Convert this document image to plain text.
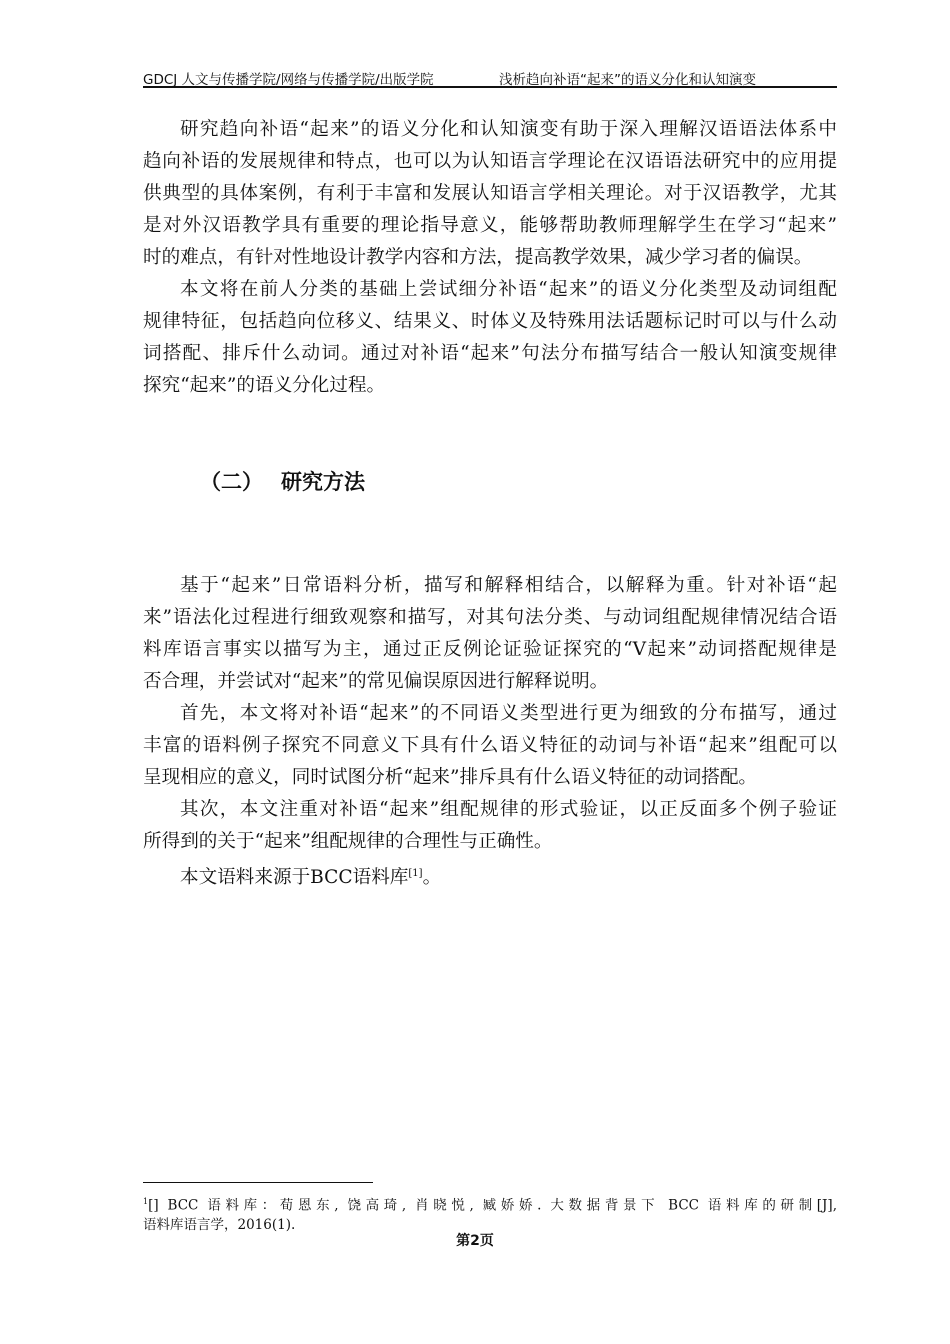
GDCJ 人文与传播学院/网络与传播学院/出版学院	浅析趋向补语“起来”的语义分化和认知演变
研究趋向补语“起来”的语义分化和认知演变有助于深入理解汉语语法体系中
趋向补语的发展规律和特点，也可以为认知语言学理论在汉语语法研究中的应用提
供典型的具体案例，有利于丰富和发展认知语言学相关理论。对于汉语教学，尤其
是对外汉语教学具有重要的理论指导意义，能够帮助教师理解学生在学习“起来”
时的难点，有针对性地设计教学内容和方法，提高教学效果，减少学习者的偏误。
本文将在前人分类的基础上尝试细分补语“起来”的语义分化类型及动词组配
规律特征，包括趋向位移义、结果义、时体义及特殊用法话题标记时可以与什么动
词搭配、排斥什么动词。通过对补语“起来”句法分布描写结合一般认知演变规律
探究“起来”的语义分化过程。
（二） 研究方法
基于“起来”日常语料分析，描写和解释相结合，以解释为重。针对补语“起
来”语法化过程进行细致观察和描写，对其句法分类、与动词组配规律情况结合语
料库语言事实以描写为主，通过正反例论证验证探究的“V起来”动词搭配规律是
否合理，并尝试对“起来”的常见偏误原因进行解释说明。
首先，本文将对补语“起来”的不同语义类型进行更为细致的分布描写，通过
丰富的语料例子探究不同意义下具有什么语义特征的动词与补语“起来”组配可以
呈现相应的意义，同时试图分析“起来”排斥具有什么语义特征的动词搭配。
其次，本文注重对补语“起来”组配规律的形式验证，以正反面多个例子验证
所得到的关于“起来”组配规律的合理性与正确性。
本文语料来源于BCC语料库[1]。
$^1$[] BCC 语料库：荀恩东, 饶高琦, 肖晓悦, 臧娇娇. 大数据背景下 BCC 语料库的研制[J],
语料库语言学，2016(1).
第2页
